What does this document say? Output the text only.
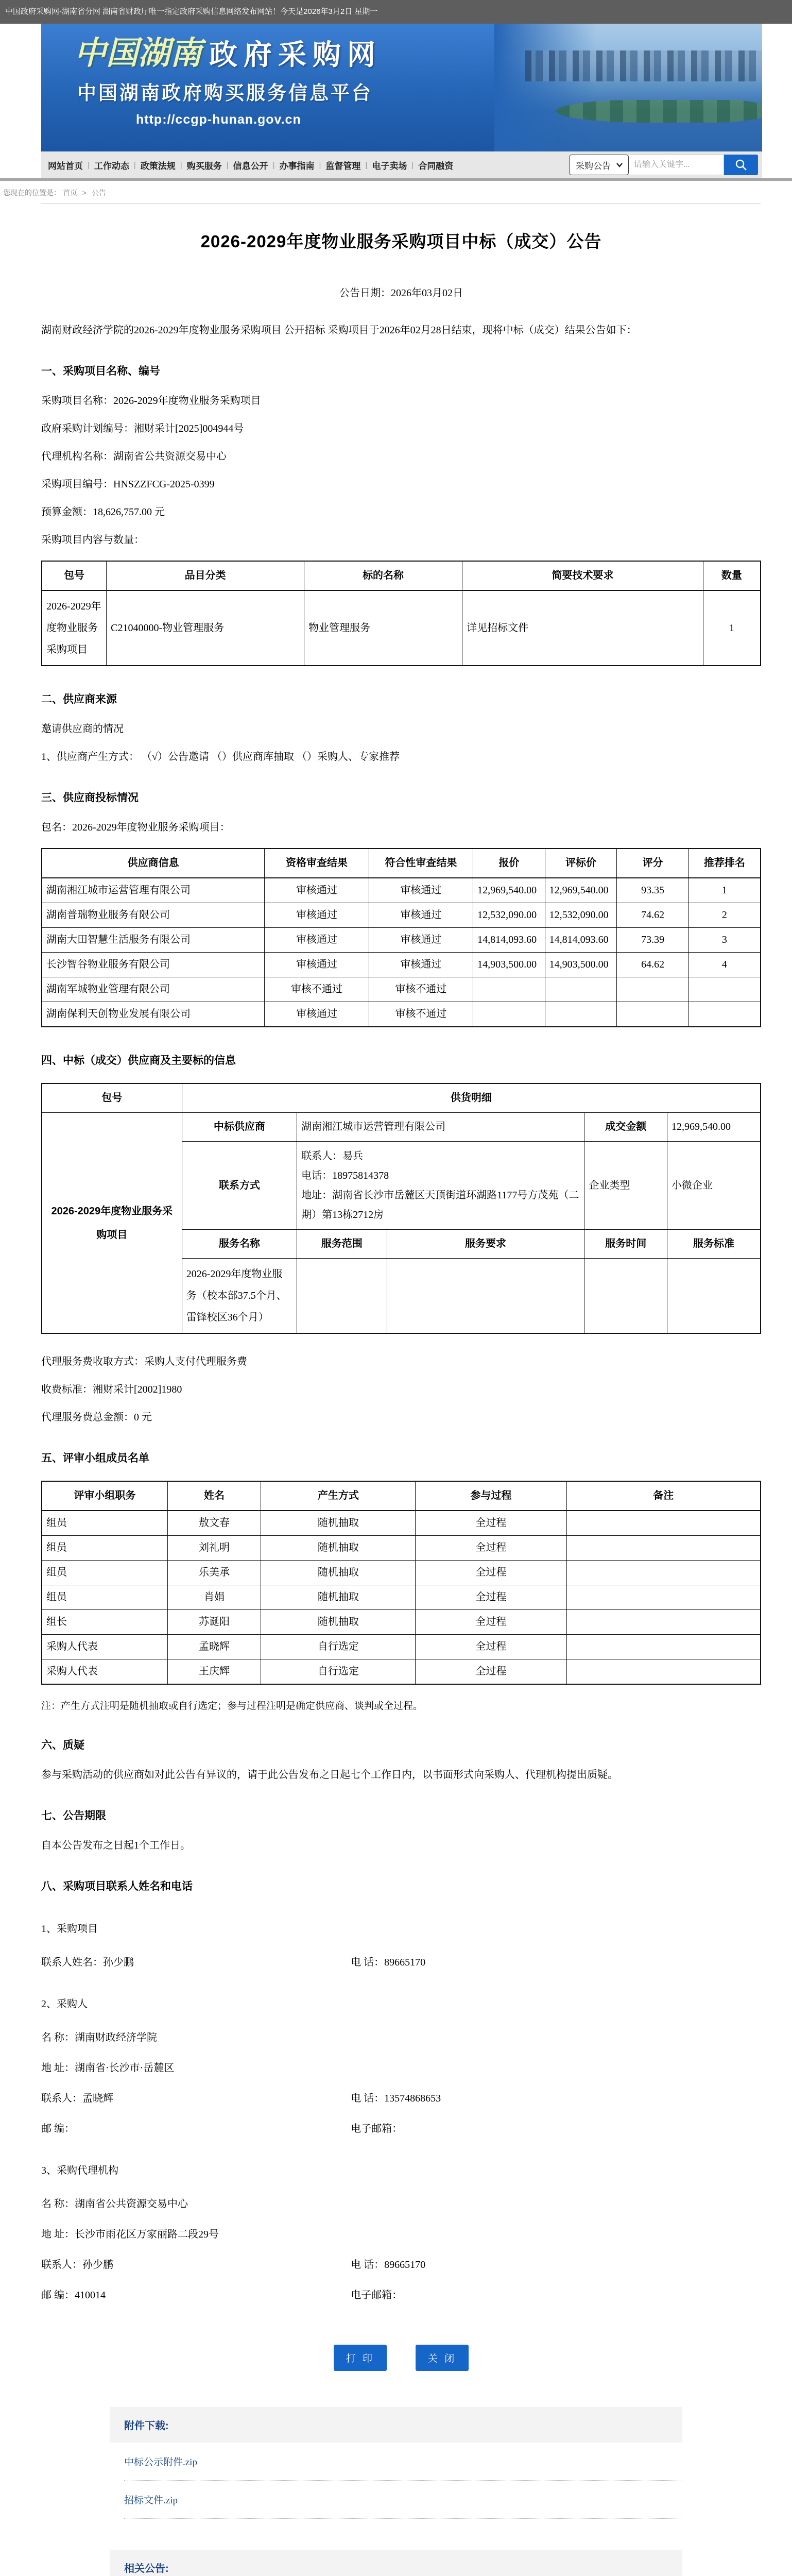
中国政府采购网-湖南省分网 湖南省财政厅唯一指定政府采购信息网络发布网站！今天是2026年3月2日 星期一
中国湖南 政府采购网
中国湖南政府购买服务信息平台
http://ccgp-hunan.gov.cn
网站首页 | 工作动态 | 政策法规 | 购买服务 | 信息公开 | 办事指南 | 监督管理 | 电子卖场 | 合同融资	采购公告
请输入关键字...
您现在的位置是： 首页 > 公告
2026-2029年度物业服务采购项目中标（成交）公告
公告日期：2026年03月02日

湖南财政经济学院的2026-2029年度物业服务采购项目 公开招标 采购项目于2026年02月28日结束，现将中标（成交）结果公告如下：

一、采购项目名称、编号

采购项目名称：2026-2029年度物业服务采购项目

政府采购计划编号：湘财采计[2025]004944号

代理机构名称：湖南省公共资源交易中心

采购项目编号：HNSZZFCG-2025-0399

预算金额：18,626,757.00 元

采购项目内容与数量：

包号	品目分类	标的名称	简要技术要求	数量
2026-2029年度物业服务采购项目	C21040000-物业管理服务	物业管理服务	详见招标文件	1
二、供应商来源

邀请供应商的情况

1、供应商产生方式： （√）公告邀请 （）供应商库抽取 （）采购人、专家推荐

三、供应商投标情况

包名：2026-2029年度物业服务采购项目：

供应商信息	资格审查结果	符合性审查结果	报价	评标价	评分	推荐排名
湖南湘江城市运营管理有限公司	审核通过	审核通过	12,969,540.00	12,969,540.00	93.35	1
湖南普瑞物业服务有限公司	审核通过	审核通过	12,532,090.00	12,532,090.00	74.62	2
湖南大田智慧生活服务有限公司	审核通过	审核通过	14,814,093.60	14,814,093.60	73.39	3
长沙智谷物业服务有限公司	审核通过	审核通过	14,903,500.00	14,903,500.00	64.62	4
湖南军城物业管理有限公司	审核不通过	审核不通过				
湖南保利天创物业发展有限公司	审核通过	审核不通过				
四、中标（成交）供应商及主要标的信息
包号	供货明细				
2026-2029年度物业服务采购项目	中标供应商	湖南湘江城市运营管理有限公司		成交金额	12,969,540.00
	联系方式	联系人：易兵
电话：18975814378
地址：湖南省长沙市岳麓区天顶街道环湖路1177号方茂苑（二期）第13栋2712房		企业类型	小微企业
	服务名称	服务范围	服务要求	服务时间	服务标准
	2026-2029年度物业服务（校本部37.5个月、雷锋校区36个月）				

代理服务费收取方式：采购人支付代理服务费

收费标准：湘财采计[2002]1980

代理服务费总金额：0 元

五、评审小组成员名单
评审小组职务	姓名	产生方式	参与过程	备注
组员	敖文春	随机抽取	全过程	
组员	刘礼明	随机抽取	全过程	
组员	乐美承	随机抽取	全过程	
组员	肖娟	随机抽取	全过程	
组长	苏诞阳	随机抽取	全过程	
采购人代表	孟晓辉	自行选定	全过程	
采购人代表	王庆辉	自行选定	全过程	

注：产生方式注明是随机抽取或自行选定；参与过程注明是确定供应商、谈判或全过程。

六、质疑

参与采购活动的供应商如对此公告有异议的，请于此公告发布之日起七个工作日内，以书面形式向采购人、代理机构提出质疑。

七、公告期限

自本公告发布之日起1个工作日。

八、采购项目联系人姓名和电话

1、采购项目

联系人姓名：孙少鹏	电 话：89665170

2、采购人

名 称：湖南财政经济学院
地 址：湖南省·长沙市·岳麓区
联系人：孟晓辉	电 话：13574868653
邮 编：	电子邮箱：

3、采购代理机构

名 称：湖南省公共资源交易中心
地 址：长沙市雨花区万家丽路二段29号
联系人：孙少鹏	电 话：89665170
邮 编：410014	电子邮箱：
打 印	关 闭
附件下载:
中标公示附件.zip
招标文件.zip
相关公告:
